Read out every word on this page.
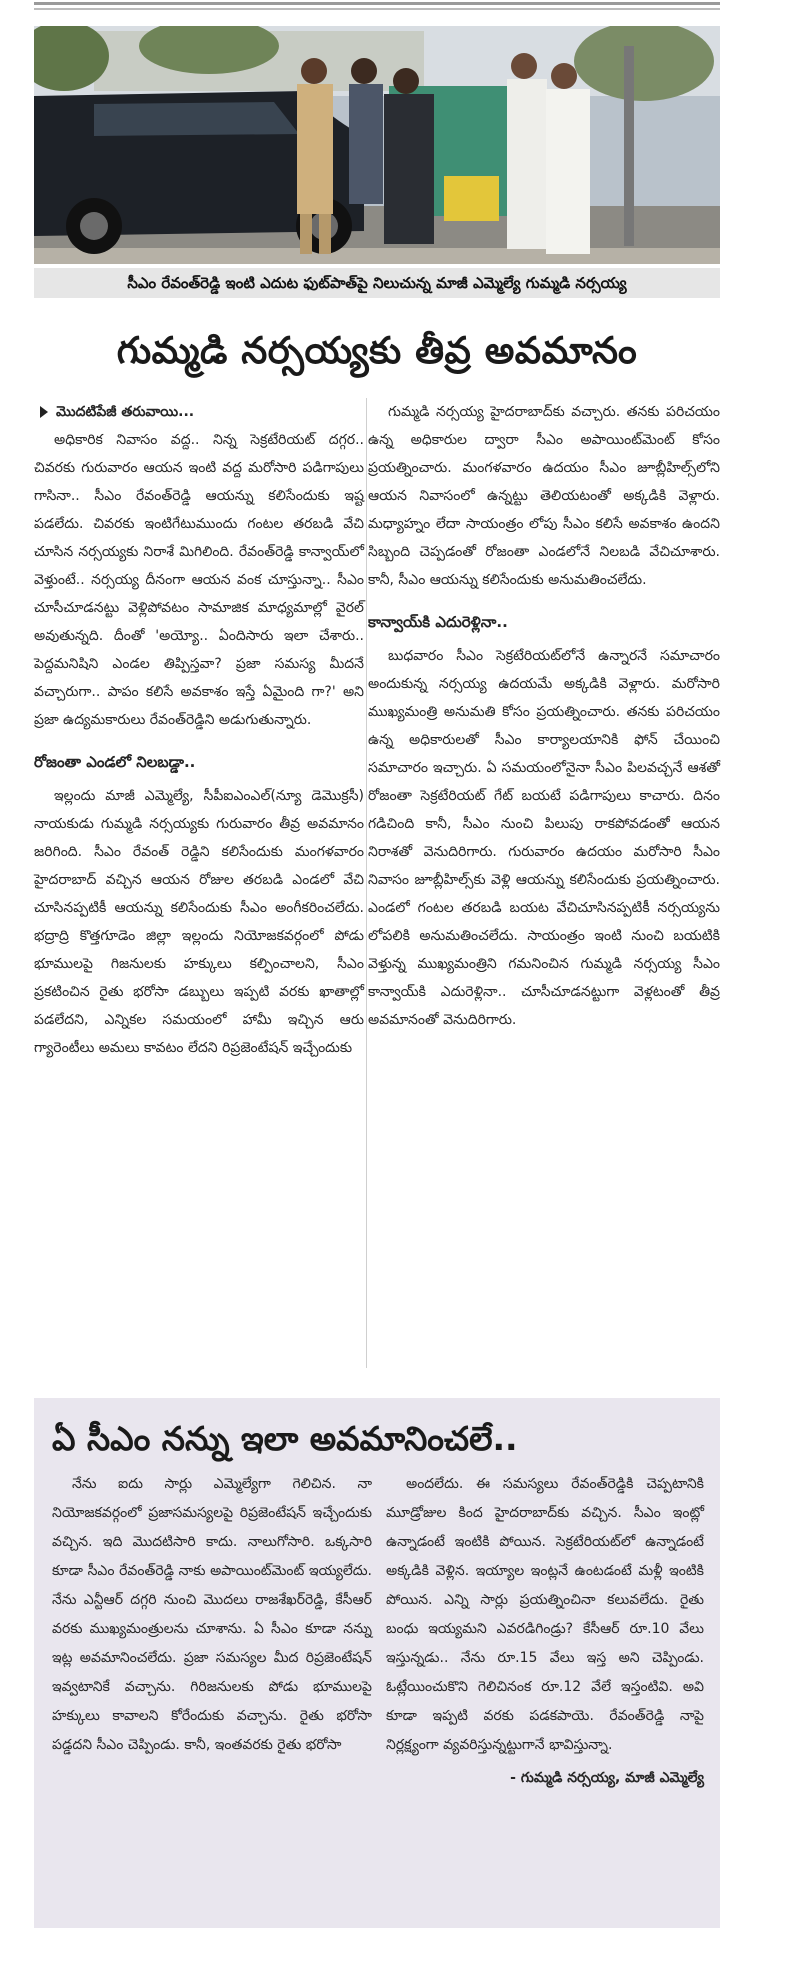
సీఎం రేవంత్‌రెడ్డి ఇంటి ఎదుట ఫుట్‌పాత్‌పై నిలుచున్న మాజీ ఎమ్మెల్యే గుమ్మడి నర్సయ్య
గుమ్మడి నర్సయ్యకు తీవ్ర అవమానం
మొదటిపేజీ తరువాయి...

అధికారిక నివాసం వద్ద.. నిన్న సెక్రటేరియట్ దగ్గర.. చివరకు గురువారం ఆయన ఇంటి వద్ద మరోసారి పడిగాపులు గాసినా.. సీఎం రేవంత్‌రెడ్డి ఆయన్ను కలిసేందుకు ఇష్ట పడలేదు. చివరకు ఇంటిగేటుముందు గంటల తరబడి వేచి చూసిన నర్సయ్యకు నిరాశే మిగిలింది. రేవంత్‌రెడ్డి కాన్వాయ్‌లో వెళ్తుంటే.. నర్సయ్య దీనంగా ఆయన వంక చూస్తున్నా.. సీఎం చూసీచూడనట్టు వెళ్లిపోవటం సామాజిక మాధ్యమాల్లో వైరల్ అవుతున్నది. దీంతో 'అయ్యో.. ఏందిసారు ఇలా చేశారు.. పెద్దమనిషిని ఎండల తిప్పిస్తవా? ప్రజా సమస్య మీదనే వచ్చారుగా.. పాపం కలిసే అవకాశం ఇస్తే ఏమైంది గా?' అని ప్రజా ఉద్యమకారులు రేవంత్‌రెడ్డిని అడుగుతున్నారు.

రోజంతా ఎండలో నిలబడ్డా..

ఇల్లందు మాజీ ఎమ్మెల్యే, సీపీఐఎంఎల్(న్యూ డెమొక్రసీ) నాయకుడు గుమ్మడి నర్సయ్యకు గురువారం తీవ్ర అవమానం జరిగింది. సీఎం రేవంత్ రెడ్డిని కలిసేందుకు మంగళవారం హైదరాబాద్ వచ్చిన ఆయన రోజుల తరబడి ఎండలో వేచి చూసినప్పటికీ ఆయన్ను కలిసేందుకు సీఎం అంగీకరించలేదు. భద్రాద్రి కొత్తగూడెం జిల్లా ఇల్లందు నియోజకవర్గంలో పోడు భూములపై గిజనులకు హక్కులు కల్పించాలని, సీఎం ప్రకటించిన రైతు భరోసా డబ్బులు ఇప్పటి వరకు ఖాతాల్లో పడలేదని, ఎన్నికల సమయంలో హామీ ఇచ్చిన ఆరు గ్యారెంటీలు అమలు కావటం లేదని రిప్రజెంటేషన్ ఇచ్చేందుకు

గుమ్మడి నర్సయ్య హైదరాబాద్‌కు వచ్చారు. తనకు పరిచయం ఉన్న అధికారుల ద్వారా సీఎం అపాయింట్‌మెంట్ కోసం ప్రయత్నించారు. మంగళవారం ఉదయం సీఎం జూబ్లీహిల్స్‌లోని ఆయన నివాసంలో ఉన్నట్టు తెలియటంతో అక్కడికి వెళ్లారు. మధ్యాహ్నం లేదా సాయంత్రం లోపు సీఎం కలిసే అవకాశం ఉందని సిబ్బంది చెప్పడంతో రోజంతా ఎండలోనే నిలబడి వేచిచూశారు. కానీ, సీఎం ఆయన్ను కలిసేందుకు అనుమతించలేదు.

కాన్వాయ్‌కి ఎదురెళ్లినా..

బుధవారం సీఎం సెక్రటేరియట్‌లోనే ఉన్నారనే సమాచారం అందుకున్న నర్సయ్య ఉదయమే అక్కడికి వెళ్లారు. మరోసారి ముఖ్యమంత్రి అనుమతి కోసం ప్రయత్నించారు. తనకు పరిచయం ఉన్న అధికారులతో సీఎం కార్యాలయానికి ఫోన్ చేయించి సమాచారం ఇచ్చారు. ఏ సమయంలోనైనా సీఎం పిలవచ్చనే ఆశతో రోజంతా సెక్రటేరియట్ గేట్ బయటే పడిగాపులు కాచారు. దినం గడిచింది కానీ, సీఎం నుంచి పిలుపు రాకపోవడంతో ఆయన నిరాశతో వెనుదిరిగారు. గురువారం ఉదయం మరోసారి సీఎం నివాసం జూబ్లీహిల్స్‌కు వెళ్లి ఆయన్ను కలిసేందుకు ప్రయత్నించారు. ఎండలో గంటల తరబడి బయట వేచిచూసినప్పటికీ నర్సయ్యను లోపలికి అనుమతించలేదు. సాయంత్రం ఇంటి నుంచి బయటికి వెళ్తున్న ముఖ్యమంత్రిని గమనించిన గుమ్మడి నర్సయ్య సీఎం కాన్వాయ్‌కి ఎదురెళ్లినా.. చూసీచూడనట్టుగా వెళ్లటంతో తీవ్ర అవమానంతో వెనుదిరిగారు.

ఏ సీఎం నన్ను ఇలా అవమానించలే..

నేను ఐదు సార్లు ఎమ్మెల్యేగా గెలిచిన. నా నియోజకవర్గంలో ప్రజాసమస్యలపై రిప్రజెంటేషన్ ఇచ్చేందుకు వచ్చిన. ఇది మొదటిసారి కాదు. నాలుగోసారి. ఒక్కసారి కూడా సీఎం రేవంత్‌రెడ్డి నాకు అపాయింట్‌మెంట్ ఇయ్యలేదు. నేను ఎన్టీఆర్ దగ్గరి నుంచి మొదలు రాజశేఖర్‌రెడ్డి, కేసీఆర్ వరకు ముఖ్యమంత్రులను చూశాను. ఏ సీఎం కూడా నన్ను ఇట్ల అవమానించలేదు. ప్రజా సమస్యల మీద రిప్రజెంటేషన్ ఇవ్వటానికే వచ్చాను. గిరిజనులకు పోడు భూములపై హక్కులు కావాలని కోరేందుకు వచ్చాను. రైతు భరోసా పడ్డదని సీఎం చెప్పిండు. కానీ, ఇంతవరకు రైతు భరోసా

అందలేదు. ఈ సమస్యలు రేవంత్‌రెడ్డికి చెప్పటానికి మూడ్రోజుల కింద హైదరాబాద్‌కు వచ్చిన. సీఎం ఇంట్లో ఉన్నాడంటే ఇంటికి పోయిన. సెక్రటేరియట్‌లో ఉన్నాడంటే అక్కడికి వెళ్లిన. ఇయ్యాల ఇంట్లనే ఉంటడంటే మళ్లీ ఇంటికి పోయిన. ఎన్ని సార్లు ప్రయత్నించినా కలువలేదు. రైతు బంధు ఇయ్యమని ఎవరడిగిండ్రు? కేసీఆర్ రూ.10 వేలు ఇస్తున్నడు.. నేను రూ.15 వేలు ఇస్త అని చెప్పిండు. ఓట్లేయించుకొని గెలిచినంక రూ.12 వేలే ఇస్తంటివి. అవి కూడా ఇప్పటి వరకు పడకపాయె. రేవంత్‌రెడ్డి నాపై నిర్లక్ష్యంగా వ్యవరిస్తున్నట్టుగానే భావిస్తున్నా.

- గుమ్మడి నర్సయ్య, మాజీ ఎమ్మెల్యే
